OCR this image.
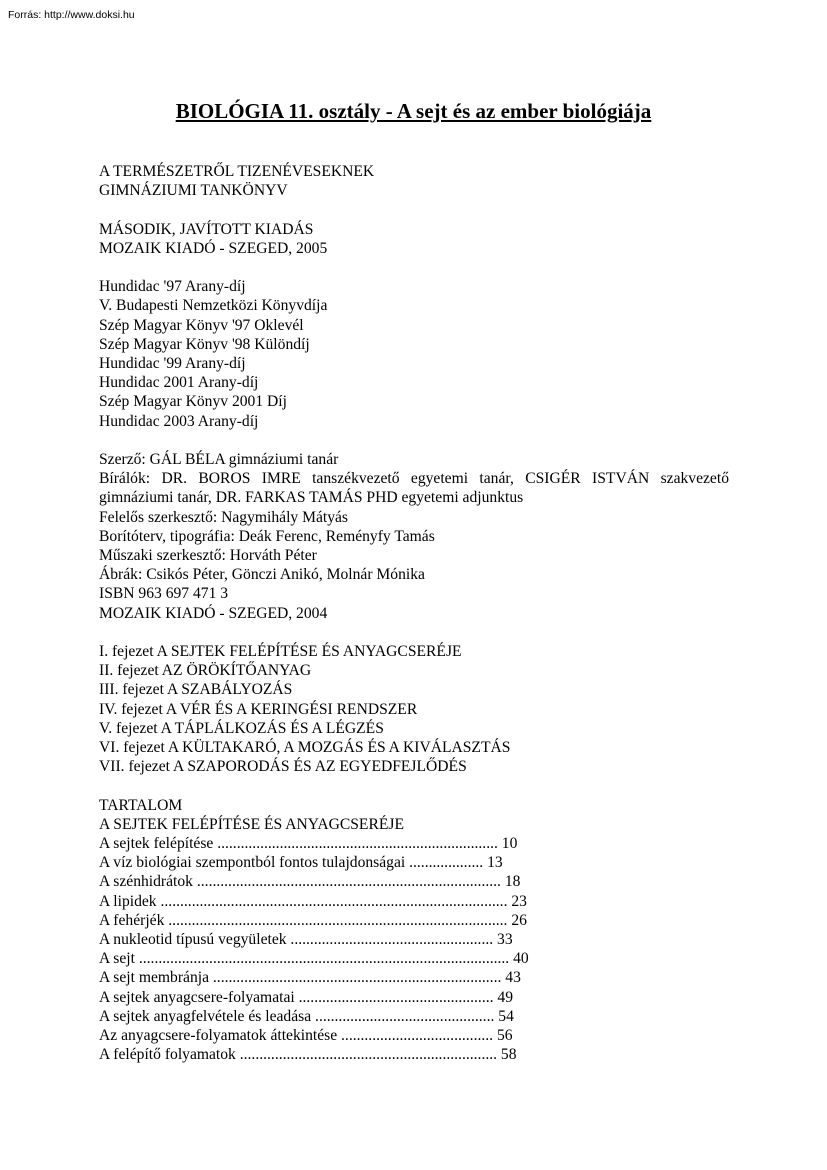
Forrás: http://www.doksi.hu
BIOLÓGIA 11. osztály - A sejt és az ember biológiája
A TERMÉSZETRŐL TIZENÉVESEKNEK
GIMNÁZIUMI TANKÖNYV
MÁSODIK, JAVÍTOTT KIADÁS
MOZAIK KIADÓ - SZEGED, 2005
Hundidac '97 Arany-díj
V. Budapesti Nemzetközi Könyvdíja
Szép Magyar Könyv '97 Oklevél
Szép Magyar Könyv '98 Különdíj
Hundidac '99 Arany-díj
Hundidac 2001 Arany-díj
Szép Magyar Könyv 2001 Díj
Hundidac 2003 Arany-díj
Szerző: GÁL BÉLA gimnáziumi tanár
Bírálók: DR. BOROS IMRE tanszékvezető egyetemi tanár, CSIGÉR ISTVÁN szakvezető gimnáziumi tanár, DR. FARKAS TAMÁS PHD egyetemi adjunktus
Felelős szerkesztő: Nagymihály Mátyás
Borítóterv, tipográfia: Deák Ferenc, Reményfy Tamás
Műszaki szerkesztő: Horváth Péter
Ábrák: Csikós Péter, Gönczi Anikó, Molnár Mónika
ISBN 963 697 471 3
MOZAIK KIADÓ - SZEGED, 2004
I. fejezet A SEJTEK FELÉPÍTÉSE ÉS ANYAGCSERÉJE
II. fejezet AZ ÖRÖKÍTŐANYAG
III. fejezet A SZABÁLYOZÁS
IV. fejezet A VÉR ÉS A KERINGÉSI RENDSZER
V. fejezet A TÁPLÁLKOZÁS ÉS A LÉGZÉS
VI. fejezet A KÜLTAKARÓ, A MOZGÁS ÉS A KIVÁLASZTÁS
VII. fejezet A SZAPORODÁS ÉS AZ EGYEDFEJLŐDÉS
TARTALOM
A SEJTEK FELÉPÍTÉSE ÉS ANYAGCSERÉJE
A sejtek felépítése ........................................................................ 10
A víz biológiai szempontból fontos tulajdonságai ................... 13
A szénhidrátok .............................................................................. 18
A lipidek ......................................................................................... 23
A fehérjék ....................................................................................... 26
A nukleotid típusú vegyületek .................................................... 33
A sejt ............................................................................................... 40
A sejt membránja .......................................................................... 43
A sejtek anyagcsere-folyamatai .................................................. 49
A sejtek anyagfelvétele és leadása .............................................. 54
Az anyagcsere-folyamatok áttekintése ....................................... 56
A felépítő folyamatok .................................................................. 58
